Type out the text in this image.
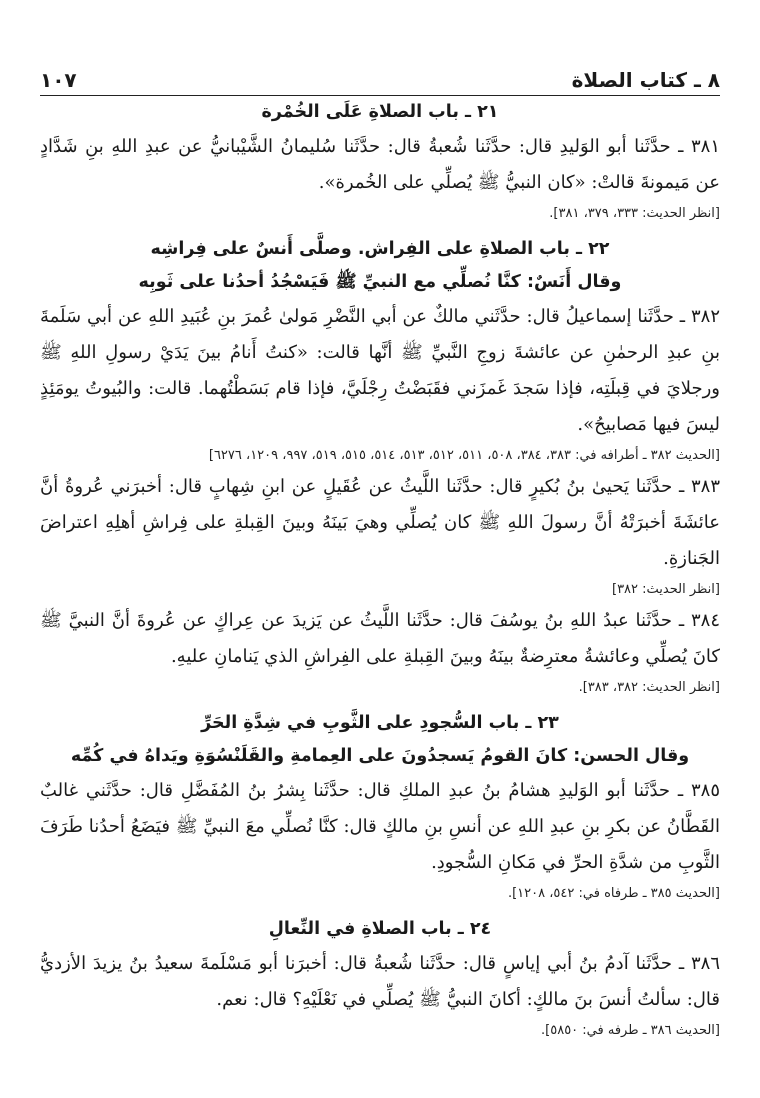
٨ ـ كتاب الصلاة
١٠٧
٢١ ـ باب الصلاةِ عَلَى الخُمْرة
٣٨١ ـ حدَّثَنا أبو الوَليدِ قال: حدَّثَنا شُعبةُ قال: حدَّثَنا سُليمانُ الشَّيْبانيُّ عن عبدِ اللهِ بنِ شَدَّادٍ عن مَيمونةَ قالتْ: «كان النبيُّ ﷺ يُصلِّي على الخُمرة».
[انظر الحديث: ٣٣٣، ٣٧٩، ٣٨١].
٢٢ ـ باب الصلاةِ على الفِراش. وصلَّى أَنسٌ على فِراشِه
وقال أَنَسٌ: كنَّا نُصلِّي مع النبيِّ ﷺ فَيَسْجُدُ أحدُنا على ثَوبِه
٣٨٢ ـ حدَّثَنا إسماعيلُ قال: حدَّثَني مالكٌ عن أبي النَّضْرِ مَولىٰ عُمرَ بنِ عُبَيدِ اللهِ عن أبي سَلَمةَ بنِ عبدِ الرحمٰنِ عن عائشةَ زوجِ النَّبيِّ ﷺ أنَّها قالت: «كنتُ أَنامُ بينَ يَدَيْ رسولِ اللهِ ﷺ ورجلايَ في قِبلَتِه، فإذا سَجدَ غَمزَني فقَبَضْتُ رِجْلَيَّ، فإذا قام بَسَطْتُهما. قالت: والبُيوتُ يومَئِذٍ ليسَ فيها مَصابيحُ».
[الحديث ٣٨٢ ـ أطرافه في: ٣٨٣، ٣٨٤، ٥٠٨، ٥١١، ٥١٢، ٥١٣، ٥١٤، ٥١٥، ٥١٩، ٩٩٧، ١٢٠٩، ٦٢٧٦]
٣٨٣ ـ حدَّثَنا يَحيىٰ بنُ بُكيرٍ قال: حدَّثَنا اللَّيثُ عن عُقَيلٍ عن ابنِ شِهابٍ قال: أخبرَني عُروةُ أنَّ عائشَةَ أخبرَتْهُ أنَّ رسولَ اللهِ ﷺ كان يُصلِّي وهيَ بَينَهُ وبينَ القِبلةِ على فِراشِ أهلِهِ اعتراضَ الجَنازةِ.
[انظر الحديث: ٣٨٢]
٣٨٤ ـ حدَّثَنا عبدُ اللهِ بنُ يوسُفَ قال: حدَّثَنا اللَّيثُ عن يَزيدَ عن عِراكٍ عن عُروةَ أنَّ النبيَّ ﷺ كانَ يُصلِّي وعائشةُ معترِضةٌ بينَهُ وبينَ القِبلةِ على الفِراشِ الذي يَنامانِ عليهِ.
[انظر الحديث: ٣٨٢، ٣٨٣].
٢٣ ـ باب السُّجودِ على الثَّوبِ في شِدَّةِ الحَرِّ
وقال الحسن: كانَ القومُ يَسجدُونَ على العِمامةِ والقَلَنْسُوَةِ ويَداهُ في كُمِّه
٣٨٥ ـ حدَّثَنا أبو الوَليدِ هشامُ بنُ عبدِ الملكِ قال: حدَّثَنا بِشرُ بنُ المُفَضَّلِ قال: حدَّثَني غالبٌ القَطَّانُ عن بكرِ بنِ عبدِ اللهِ عن أنسِ بنِ مالكٍ قال: كنَّا نُصلِّي معَ النبيِّ ﷺ فيَضَعُ أحدُنا طَرَفَ الثَّوبِ من شدَّةِ الحرِّ في مَكانِ السُّجودِ.
[الحديث ٣٨٥ ـ طرفاه في: ٥٤٢، ١٢٠٨].
٢٤ ـ باب الصلاةِ في النِّعالِ
٣٨٦ ـ حدَّثَنا آدمُ بنُ أبي إياسٍ قال: حدَّثَنا شُعبةُ قال: أخبرَنا أبو مَسْلَمةَ سعيدُ بنُ يزيدَ الأزديُّ قال: سألتُ أنسَ بنَ مالكٍ: أكانَ النبيُّ ﷺ يُصلِّي في نَعْلَيْهِ؟ قال: نعم.
[الحديث ٣٨٦ ـ طرفه في: ٥٨٥٠].
